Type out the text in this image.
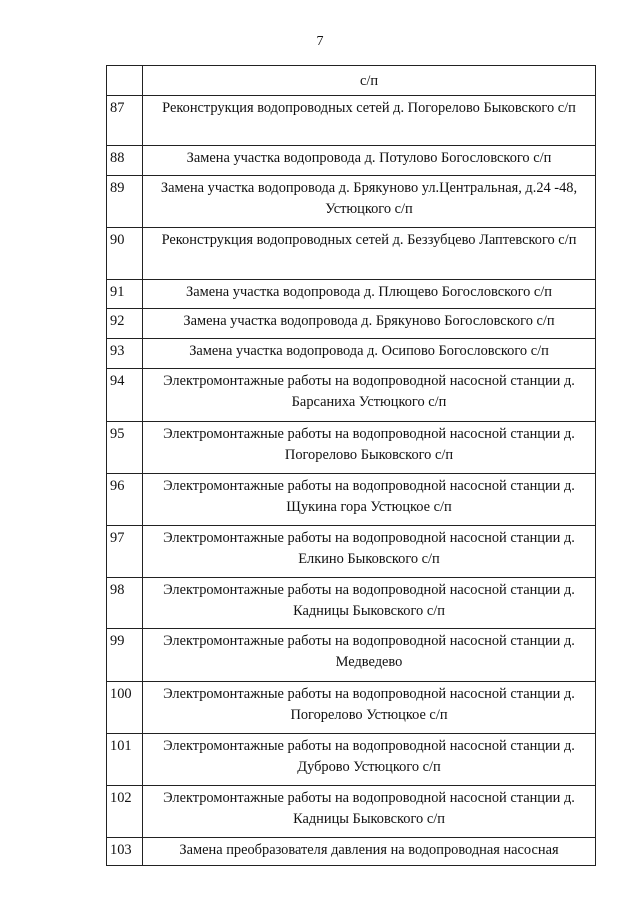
7
	с/п
87	Реконструкция водопроводных сетей д. Погорелово Быковского с/п
88	Замена участка водопровода д. Потулово Богословского с/п
89	Замена участка водопровода д. Брякуново ул.Центральная, д.24 -48, Устюцкого с/п
90	Реконструкция водопроводных сетей д. Беззубцево Лаптевского с/п
91	Замена участка водопровода д. Плющево Богословского с/п
92	Замена участка водопровода д. Брякуново Богословского с/п
93	Замена участка водопровода д. Осипово Богословского с/п
94	Электромонтажные работы на водопроводной насосной станции д. Барсаниха Устюцкого с/п
95	Электромонтажные работы на водопроводной насосной станции д. Погорелово Быковского с/п
96	Электромонтажные работы на водопроводной насосной станции д. Щукина гора Устюцкое с/п
97	Электромонтажные работы на водопроводной насосной станции д. Елкино Быковского с/п
98	Электромонтажные работы на водопроводной насосной станции д. Кадницы Быковского с/п
99	Электромонтажные работы на водопроводной насосной станции д. Медведево
100	Электромонтажные работы на водопроводной насосной станции д. Погорелово Устюцкое с/п
101	Электромонтажные работы на водопроводной насосной станции д. Дуброво Устюцкого с/п
102	Электромонтажные работы на водопроводной насосной станции д. Кадницы Быковского с/п
103	Замена преобразователя давления на водопроводная насосная
